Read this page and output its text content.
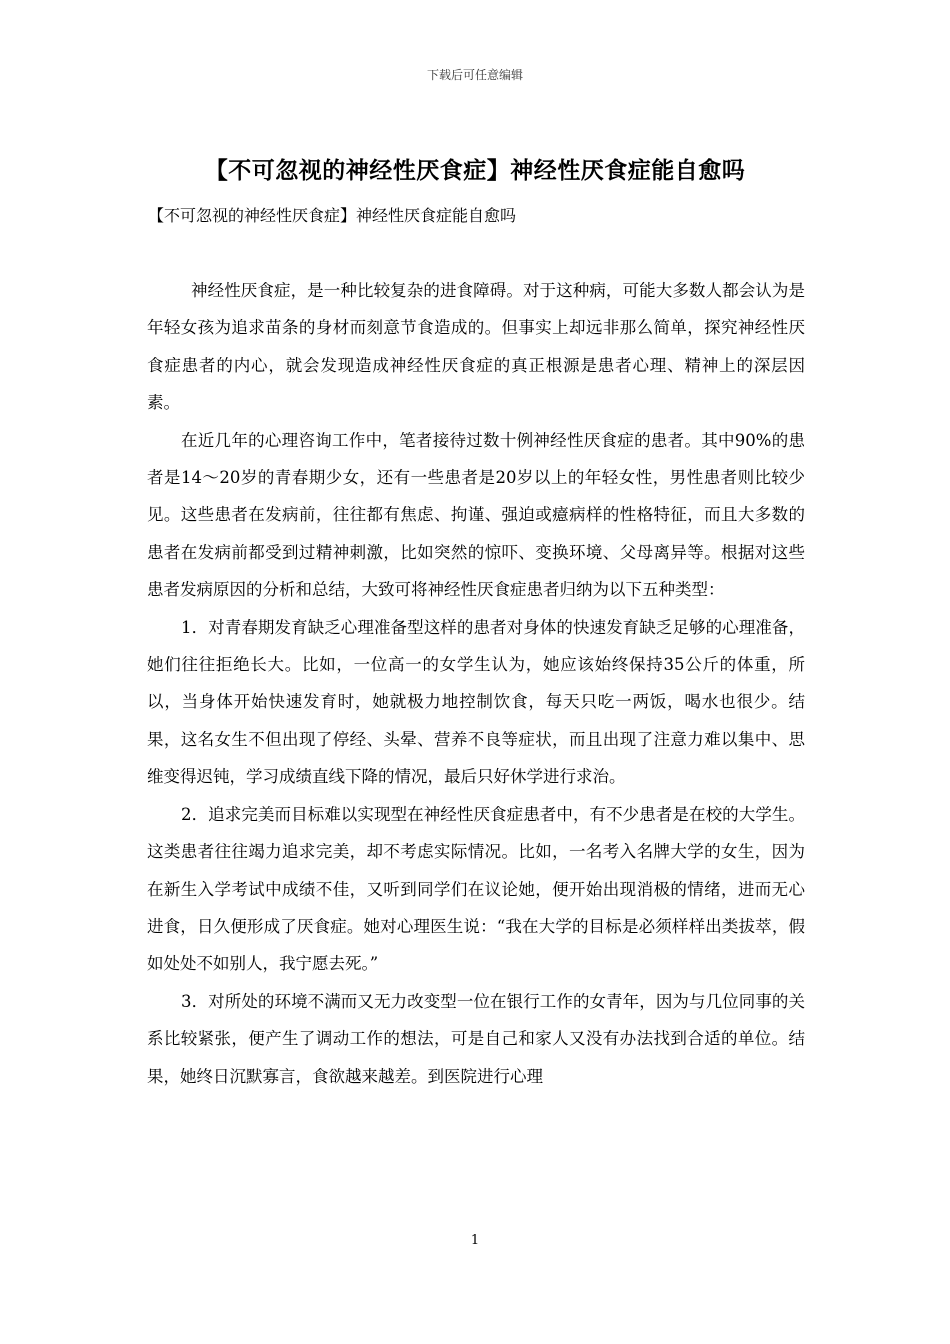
下载后可任意编辑
【不可忽视的神经性厌食症】神经性厌食症能自愈吗
【不可忽视的神经性厌食症】神经性厌食症能自愈吗

神经性厌食症，是一种比较复杂的进食障碍。对于这种病，可能大多数人都会认为是年轻女孩为追求苗条的身材而刻意节食造成的。但事实上却远非那么简单，探究神经性厌食症患者的内心，就会发现造成神经性厌食症的真正根源是患者心理、精神上的深层因素。

在近几年的心理咨询工作中，笔者接待过数十例神经性厌食症的患者。其中90%的患者是14～20岁的青春期少女，还有一些患者是20岁以上的年轻女性，男性患者则比较少见。这些患者在发病前，往往都有焦虑、拘谨、强迫或癔病样的性格特征，而且大多数的患者在发病前都受到过精神刺激，比如突然的惊吓、变换环境、父母离异等。根据对这些患者发病原因的分析和总结，大致可将神经性厌食症患者归纳为以下五种类型：

1．对青春期发育缺乏心理准备型这样的患者对身体的快速发育缺乏足够的心理准备，她们往往拒绝长大。比如，一位高一的女学生认为，她应该始终保持35公斤的体重，所以，当身体开始快速发育时，她就极力地控制饮食，每天只吃一两饭，喝水也很少。结果，这名女生不但出现了停经、头晕、营养不良等症状，而且出现了注意力难以集中、思维变得迟钝，学习成绩直线下降的情况，最后只好休学进行求治。

2．追求完美而目标难以实现型在神经性厌食症患者中，有不少患者是在校的大学生。这类患者往往竭力追求完美，却不考虑实际情况。比如，一名考入名牌大学的女生，因为在新生入学考试中成绩不佳，又听到同学们在议论她，便开始出现消极的情绪，进而无心进食，日久便形成了厌食症。她对心理医生说：“我在大学的目标是必须样样出类拔萃，假如处处不如别人，我宁愿去死。”

3．对所处的环境不满而又无力改变型一位在银行工作的女青年，因为与几位同事的关系比较紧张，便产生了调动工作的想法，可是自己和家人又没有办法找到合适的单位。结果，她终日沉默寡言，食欲越来越差。到医院进行心理

1
